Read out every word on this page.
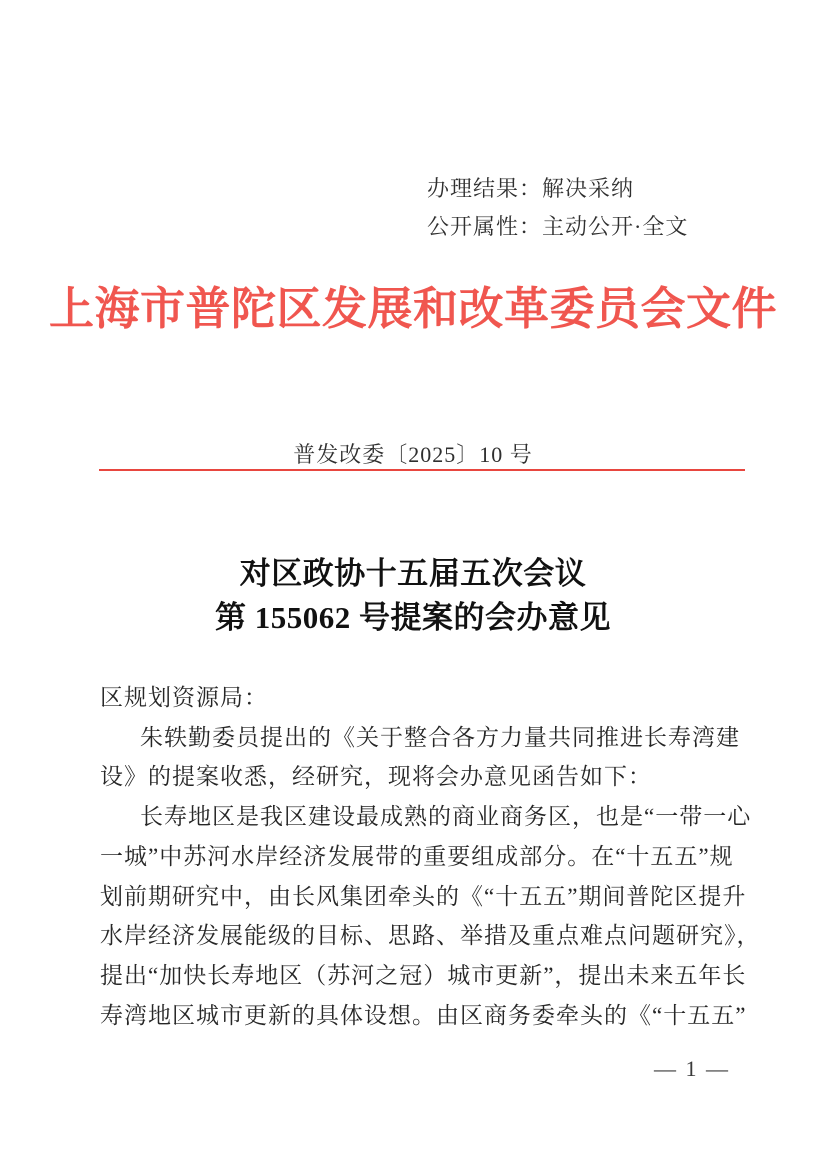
办理结果：解决采纳
公开属性：主动公开·全文
上海市普陀区发展和改革委员会文件
普发改委〔2025〕10 号
对区政协十五届五次会议
第 155062 号提案的会办意见
区规划资源局：
朱轶勤委员提出的《关于整合各方力量共同推进长寿湾建
设》的提案收悉，经研究，现将会办意见函告如下：
长寿地区是我区建设最成熟的商业商务区，也是“一带一心
一城”中苏河水岸经济发展带的重要组成部分。在“十五五”规
划前期研究中，由长风集团牵头的《“十五五”期间普陀区提升
水岸经济发展能级的目标、思路、举措及重点难点问题研究》，
提出“加快长寿地区（苏河之冠）城市更新”，提出未来五年长
寿湾地区城市更新的具体设想。由区商务委牵头的《“十五五”
— 1 —
